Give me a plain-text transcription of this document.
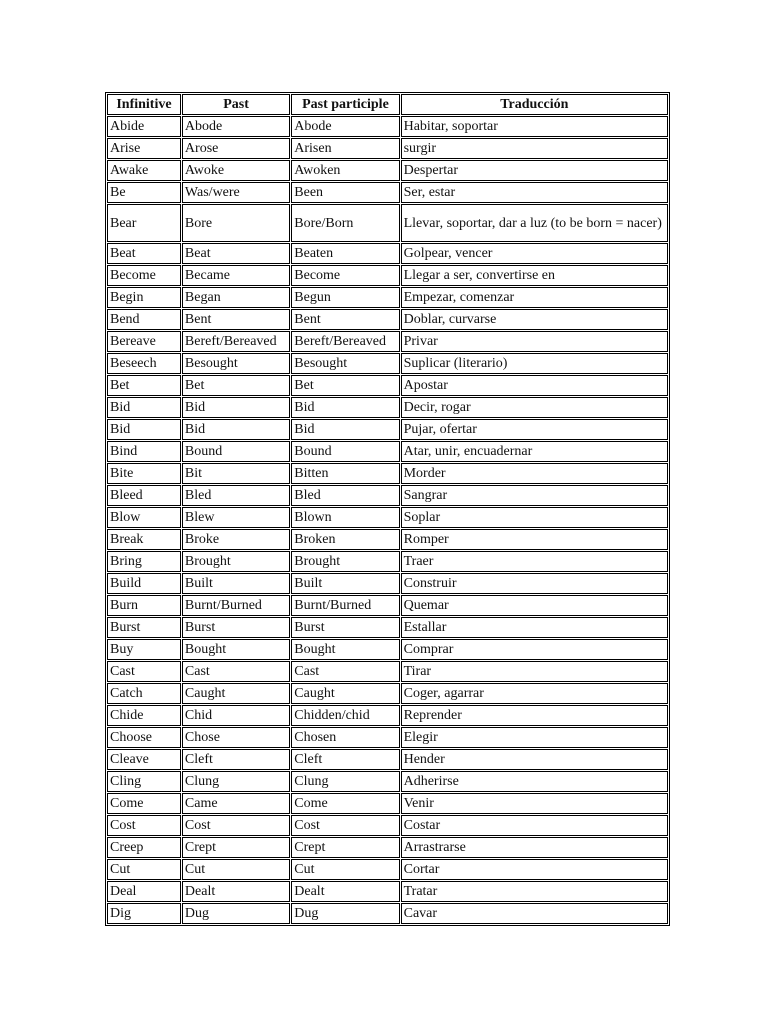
Infinitive	Past	Past participle	Traducción
Abide	Abode	Abode	Habitar, soportar
Arise	Arose	Arisen	surgir
Awake	Awoke	Awoken	Despertar
Be	Was/were	Been	Ser, estar
Bear	Bore	Bore/Born	Llevar, soportar, dar a luz (to be born = nacer)
Beat	Beat	Beaten	Golpear, vencer
Become	Became	Become	Llegar a ser, convertirse en
Begin	Began	Begun	Empezar, comenzar
Bend	Bent	Bent	Doblar, curvarse
Bereave	Bereft/Bereaved	Bereft/Bereaved	Privar
Beseech	Besought	Besought	Suplicar (literario)
Bet	Bet	Bet	Apostar
Bid	Bid	Bid	Decir, rogar
Bid	Bid	Bid	Pujar, ofertar
Bind	Bound	Bound	Atar, unir, encuadernar
Bite	Bit	Bitten	Morder
Bleed	Bled	Bled	Sangrar
Blow	Blew	Blown	Soplar
Break	Broke	Broken	Romper
Bring	Brought	Brought	Traer
Build	Built	Built	Construir
Burn	Burnt/Burned	Burnt/Burned	Quemar
Burst	Burst	Burst	Estallar
Buy	Bought	Bought	Comprar
Cast	Cast	Cast	Tirar
Catch	Caught	Caught	Coger, agarrar
Chide	Chid	Chidden/chid	Reprender
Choose	Chose	Chosen	Elegir
Cleave	Cleft	Cleft	Hender
Cling	Clung	Clung	Adherirse
Come	Came	Come	Venir
Cost	Cost	Cost	Costar
Creep	Crept	Crept	Arrastrarse
Cut	Cut	Cut	Cortar
Deal	Dealt	Dealt	Tratar
Dig	Dug	Dug	Cavar
